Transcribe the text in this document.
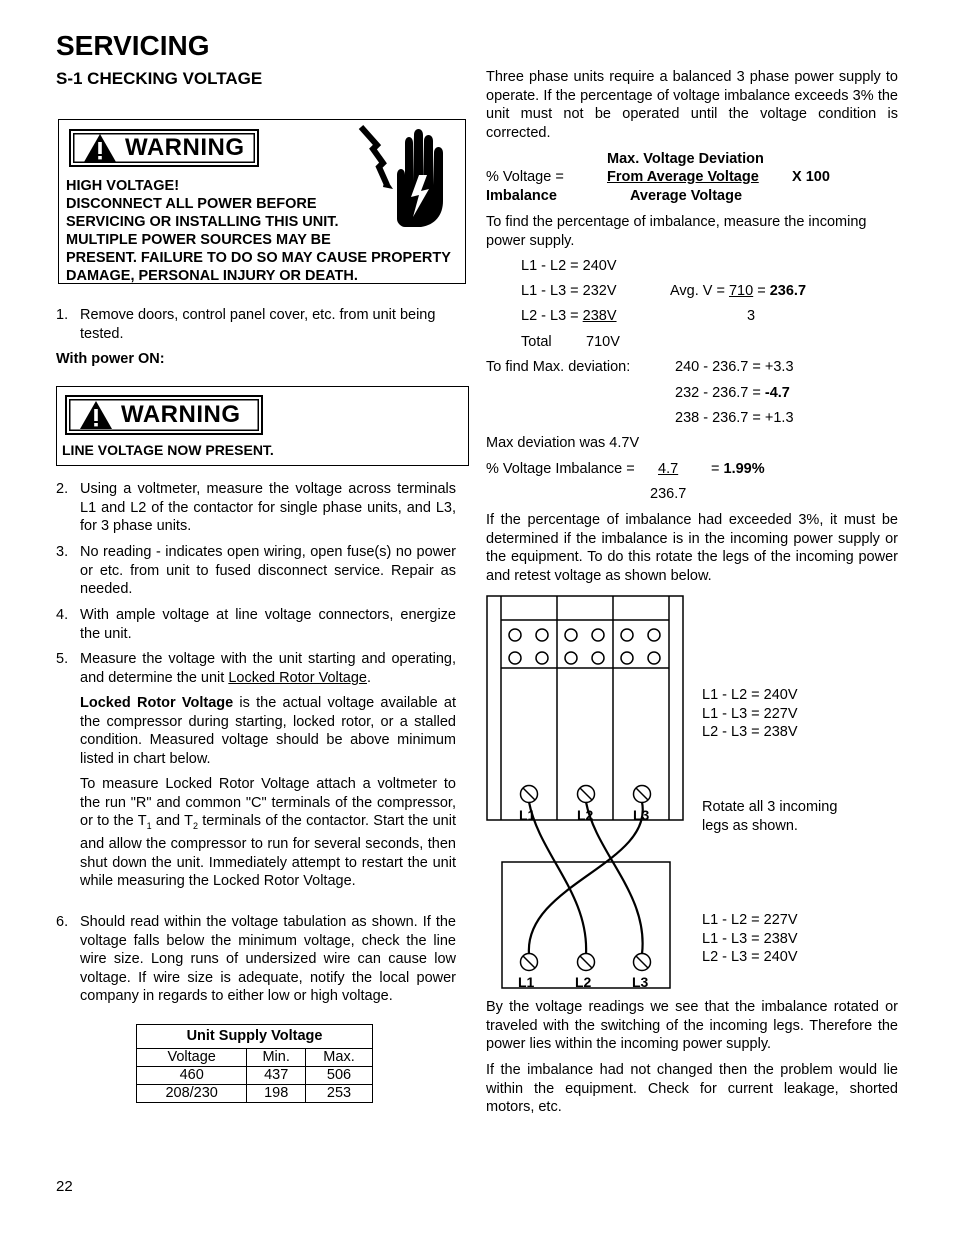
SERVICING
S-1 CHECKING VOLTAGE
WARNING
HIGH VOLTAGE!
DISCONNECT ALL POWER BEFORE
SERVICING OR INSTALLING THIS UNIT.
MULTIPLE POWER SOURCES MAY BE
PRESENT. FAILURE TO DO SO MAY CAUSE PROPERTY
DAMAGE, PERSONAL INJURY OR DEATH.
1. Remove doors, control panel cover, etc. from unit being tested.
With power ON:
WARNING
LINE VOLTAGE NOW PRESENT.
2. Using a voltmeter, measure the voltage across terminals L1 and L2 of the contactor for single phase units, and L3, for 3 phase units.
3. No reading - indicates open wiring, open fuse(s) no power or etc. from unit to fused disconnect service. Repair as needed.
4. With ample voltage at line voltage connectors, energize the unit.
5. Measure the voltage with the unit starting and operating, and determine the unit Locked Rotor Voltage.
Locked Rotor Voltage is the actual voltage available at the compressor during starting, locked rotor, or a stalled condition. Measured voltage should be above minimum listed in chart below.
To measure Locked Rotor Voltage attach a voltmeter to the run "R" and common "C" terminals of the compressor, or to the $T_1$ and $T_2$ terminals of the contactor. Start the unit and allow the compressor to run for several seconds, then shut down the unit. Immediately attempt to restart the unit while measuring the Locked Rotor Voltage.
6. Should read within the voltage tabulation as shown. If the voltage falls below the minimum voltage, check the line wire size. Long runs of undersized wire can cause low voltage. If wire size is adequate, notify the local power company in regards to either low or high voltage.
Unit Supply Voltage		
Voltage	Min.	Max.
460	437	506
208/230	198	253
Three phase units require a balanced 3 phase power supply to operate. If the percentage of voltage imbalance exceeds 3% the unit must not be operated until the voltage condition is corrected.
Max. Voltage Deviation
% Voltage =	From Average Voltage X 100
Imbalance	Average Voltage
To find the percentage of imbalance, measure the incoming power supply.
L1 - L2 = 240V
L1 - L3 = 232V
L2 - L3 = 238V
Total 710V
Avg. V = 710 = 236.7
3
To find Max. deviation:	240 - 236.7 = +3.3
232 - 236.7 = -4.7
238 - 236.7 = +1.3
Max deviation was 4.7V
% Voltage Imbalance = 4.7 = 1.99%
236.7
If the percentage of imbalance had exceeded 3%, it must be determined if the imbalance is in the incoming power supply or the equipment. To do this rotate the legs of the incoming power and retest voltage as shown below.
L1	L2	L3
L1	L2	L3
L1 - L2 = 240V
L1 - L3 = 227V
L2 - L3 = 238V
Rotate all 3 incoming
legs as shown.
L1 - L2 = 227V
L1 - L3 = 238V
L2 - L3 = 240V
By the voltage readings we see that the imbalance rotated or traveled with the switching of the incoming legs. Therefore the power lies within the incoming power supply.
If the imbalance had not changed then the problem would lie within the equipment. Check for current leakage, shorted motors, etc.
22
